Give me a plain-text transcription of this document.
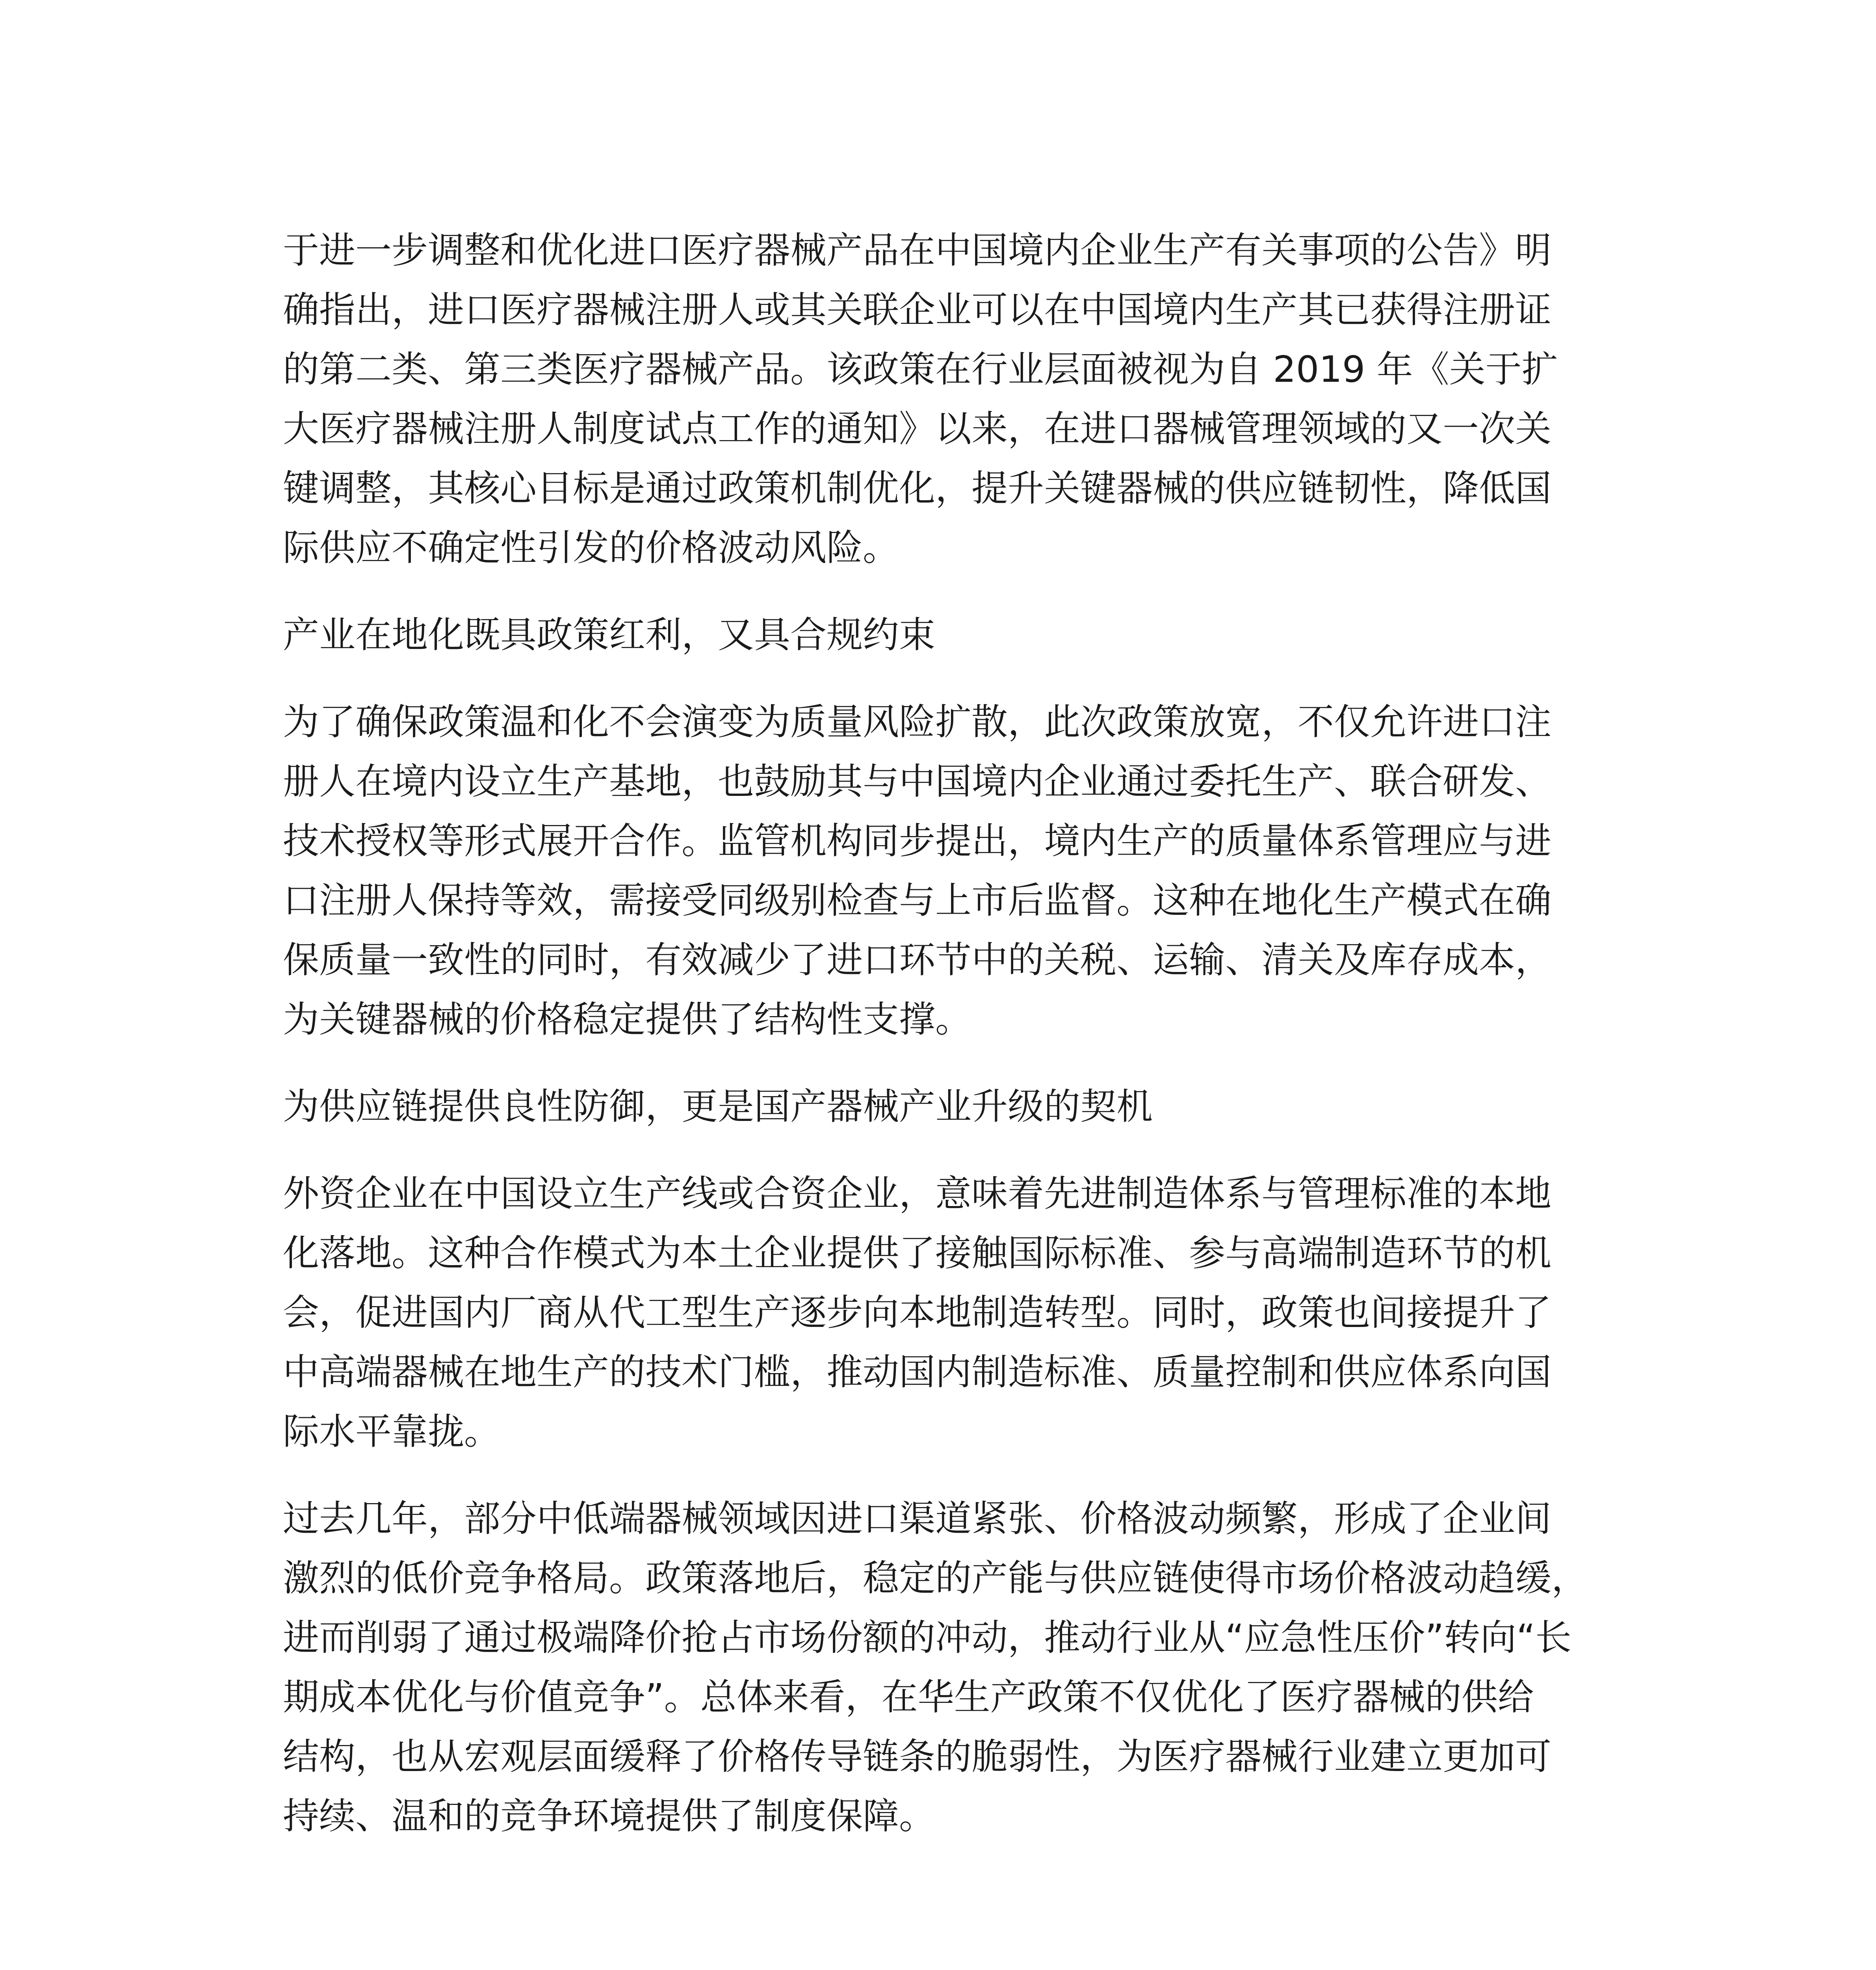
于进一步调整和优化进口医疗器械产品在中国境内企业生产有关事项的公告》明
确指出，进口医疗器械注册人或其关联企业可以在中国境内生产其已获得注册证
的第二类、第三类医疗器械产品。该政策在行业层面被视为自 2019 年《关于扩
大医疗器械注册人制度试点工作的通知》以来，在进口器械管理领域的又一次关
键调整，其核心目标是通过政策机制优化，提升关键器械的供应链韧性，降低国
际供应不确定性引发的价格波动风险。
产业在地化既具政策红利，又具合规约束
为了确保政策温和化不会演变为质量风险扩散，此次政策放宽，不仅允许进口注
册人在境内设立生产基地，也鼓励其与中国境内企业通过委托生产、联合研发、
技术授权等形式展开合作。监管机构同步提出，境内生产的质量体系管理应与进
口注册人保持等效，需接受同级别检查与上市后监督。这种在地化生产模式在确
保质量一致性的同时，有效减少了进口环节中的关税、运输、清关及库存成本，
为关键器械的价格稳定提供了结构性支撑。
为供应链提供良性防御，更是国产器械产业升级的契机
外资企业在中国设立生产线或合资企业，意味着先进制造体系与管理标准的本地
化落地。这种合作模式为本土企业提供了接触国际标准、参与高端制造环节的机
会，促进国内厂商从代工型生产逐步向本地制造转型。同时，政策也间接提升了
中高端器械在地生产的技术门槛，推动国内制造标准、质量控制和供应体系向国
际水平靠拢。
过去几年，部分中低端器械领域因进口渠道紧张、价格波动频繁，形成了企业间
激烈的低价竞争格局。政策落地后，稳定的产能与供应链使得市场价格波动趋缓，
进而削弱了通过极端降价抢占市场份额的冲动，推动行业从“应急性压价”转向“长
期成本优化与价值竞争”。总体来看，在华生产政策不仅优化了医疗器械的供给
结构，也从宏观层面缓释了价格传导链条的脆弱性，为医疗器械行业建立更加可
持续、温和的竞争环境提供了制度保障。
